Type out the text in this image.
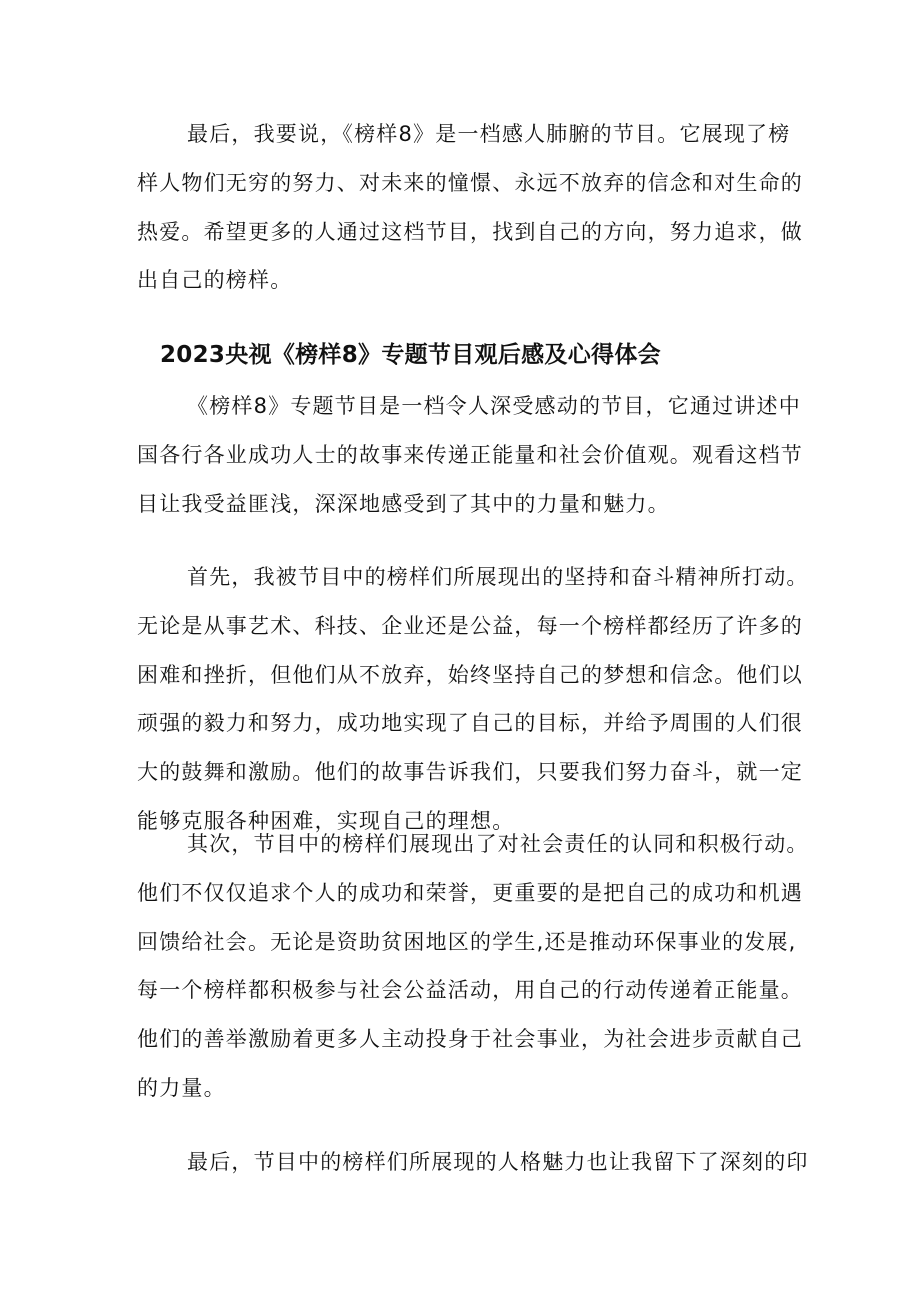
最后，我要说，《榜样8》是一档感人肺腑的节目。它展现了榜
样人物们无穷的努力、对未来的憧憬、永远不放弃的信念和对生命的
热爱。希望更多的人通过这档节目，找到自己的方向，努力追求，做
出自己的榜样。
2023央视《榜样8》专题节目观后感及心得体会
《榜样8》专题节目是一档令人深受感动的节目，它通过讲述中
国各行各业成功人士的故事来传递正能量和社会价值观。观看这档节
目让我受益匪浅，深深地感受到了其中的力量和魅力。
首先，我被节目中的榜样们所展现出的坚持和奋斗精神所打动。
无论是从事艺术、科技、企业还是公益，每一个榜样都经历了许多的
困难和挫折，但他们从不放弃，始终坚持自己的梦想和信念。他们以
顽强的毅力和努力，成功地实现了自己的目标，并给予周围的人们很
大的鼓舞和激励。他们的故事告诉我们，只要我们努力奋斗，就一定
能够克服各种困难，实现自己的理想。
其次，节目中的榜样们展现出了对社会责任的认同和积极行动。
他们不仅仅追求个人的成功和荣誉，更重要的是把自己的成功和机遇
回馈给社会。无论是资助贫困地区的学生,还是推动环保事业的发展,
每一个榜样都积极参与社会公益活动，用自己的行动传递着正能量。
他们的善举激励着更多人主动投身于社会事业，为社会进步贡献自己
的力量。
最后，节目中的榜样们所展现的人格魅力也让我留下了深刻的印
